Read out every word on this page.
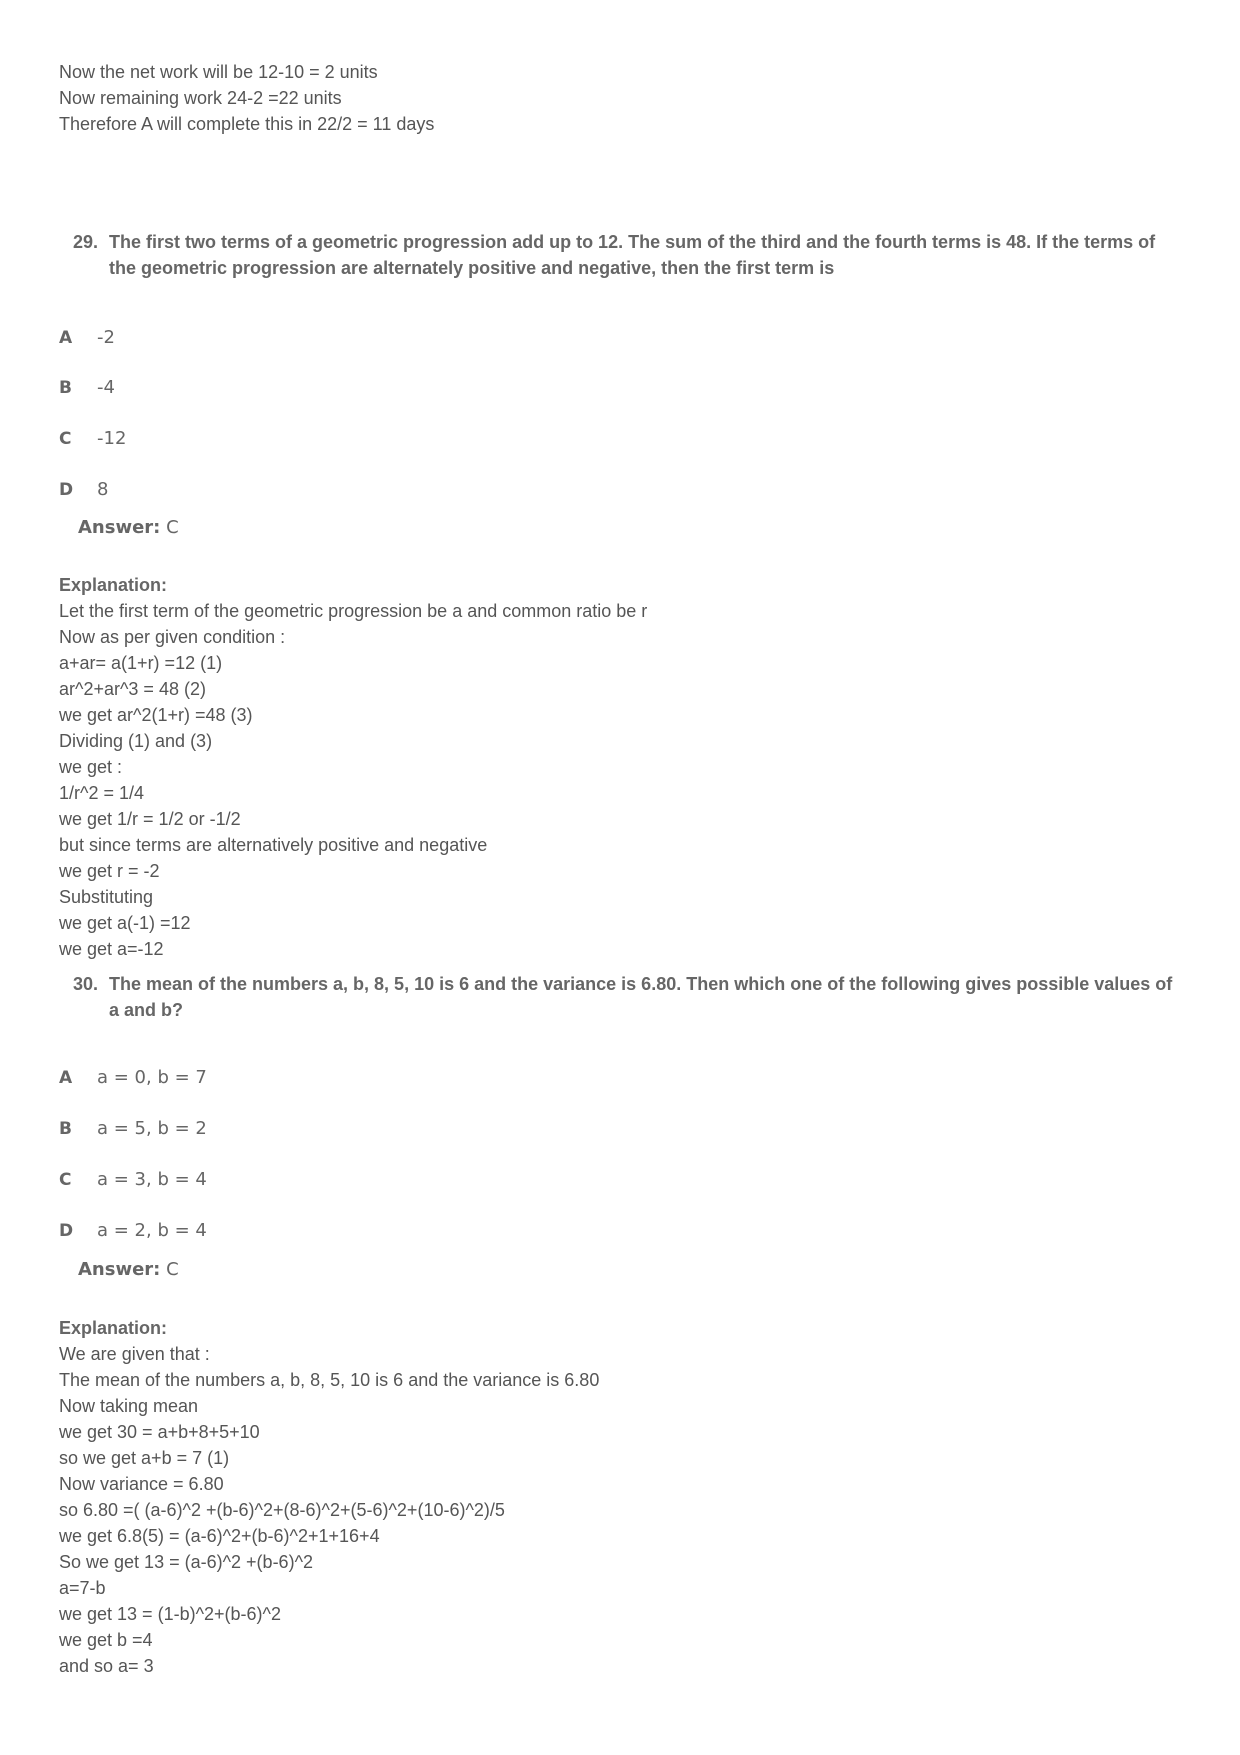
Now the net work will be 12-10 = 2 units
Now remaining work 24-2 =22 units
Therefore A will complete this in 22/2 = 11 days
29. The first two terms of a geometric progression add up to 12. The sum of the third and the fourth terms is 48. If the terms of the geometric progression are alternately positive and negative, then the first term is
A -2
B -4
C -12
D 8
Answer: C
Explanation:
Let the first term of the geometric progression be a and common ratio be r
Now as per given condition :
a+ar= a(1+r) =12 (1)
ar^2+ar^3 = 48 (2)
we get ar^2(1+r) =48 (3)
Dividing (1) and (3)
we get :
1/r^2 = 1/4
we get 1/r = 1/2 or -1/2
but since terms are alternatively positive and negative
we get r = -2
Substituting
we get a(-1) =12
we get a=-12
30. The mean of the numbers a, b, 8, 5, 10 is 6 and the variance is 6.80. Then which one of the following gives possible values of a and b?
A a = 0, b = 7
B a = 5, b = 2
C a = 3, b = 4
D a = 2, b = 4
Answer: C
Explanation:
We are given that :
The mean of the numbers a, b, 8, 5, 10 is 6 and the variance is 6.80
Now taking mean
we get 30 = a+b+8+5+10
so we get a+b = 7 (1)
Now variance = 6.80
so 6.80 =( (a-6)^2 +(b-6)^2+(8-6)^2+(5-6)^2+(10-6)^2)/5
we get 6.8(5) = (a-6)^2+(b-6)^2+1+16+4
So we get 13 = (a-6)^2 +(b-6)^2
a=7-b
we get 13 = (1-b)^2+(b-6)^2
we get b =4
and so a= 3
